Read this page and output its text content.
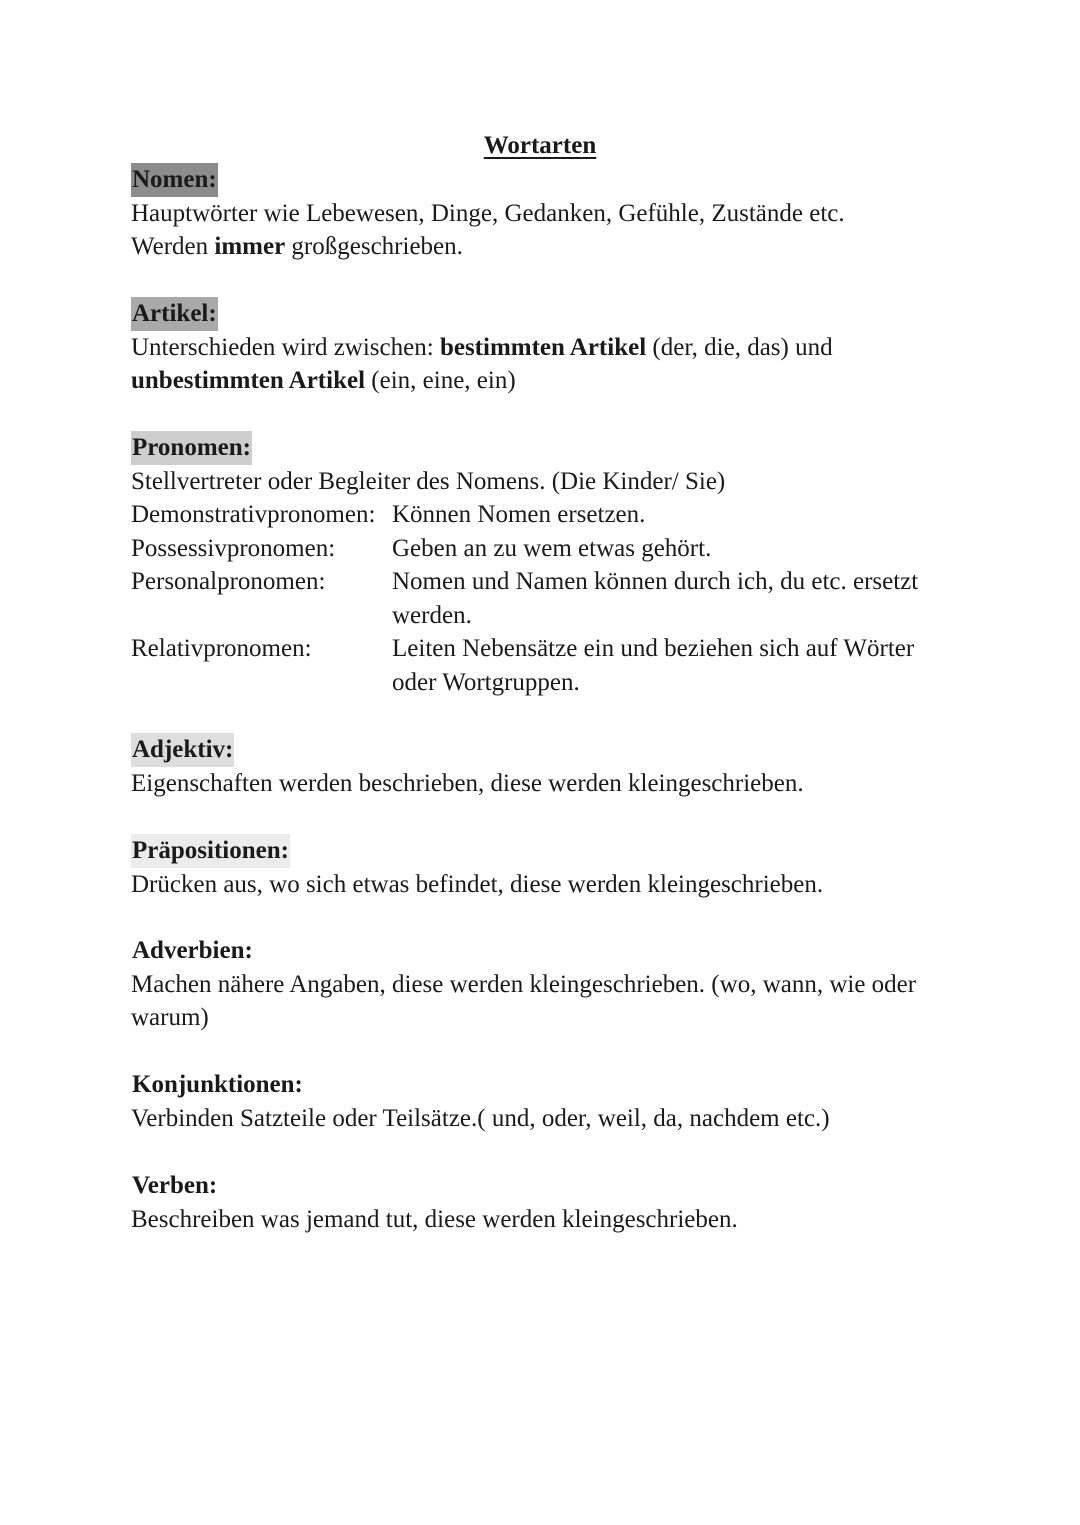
Wortarten
Nomen:
Hauptwörter wie Lebewesen, Dinge, Gedanken, Gefühle, Zustände etc.
Werden immer großgeschrieben.
Artikel:
Unterschieden wird zwischen: bestimmten Artikel (der, die, das) und
unbestimmten Artikel (ein, eine, ein)
Pronomen:
Stellvertreter oder Begleiter des Nomens. (Die Kinder/ Sie)
Demonstrativpronomen: Können Nomen ersetzen.
Possessivpronomen:	Geben an zu wem etwas gehört.
Personalpronomen:	Nomen und Namen können durch ich, du etc. ersetzt werden.
Relativpronomen:	Leiten Nebensätze ein und beziehen sich auf Wörter oder Wortgruppen.
Adjektiv:
Eigenschaften werden beschrieben, diese werden kleingeschrieben.
Präpositionen:
Drücken aus, wo sich etwas befindet, diese werden kleingeschrieben.
Adverbien:
Machen nähere Angaben, diese werden kleingeschrieben. (wo, wann, wie oder warum)
Konjunktionen:
Verbinden Satzteile oder Teilsätze.( und, oder, weil, da, nachdem etc.)
Verben:
Beschreiben was jemand tut, diese werden kleingeschrieben.
